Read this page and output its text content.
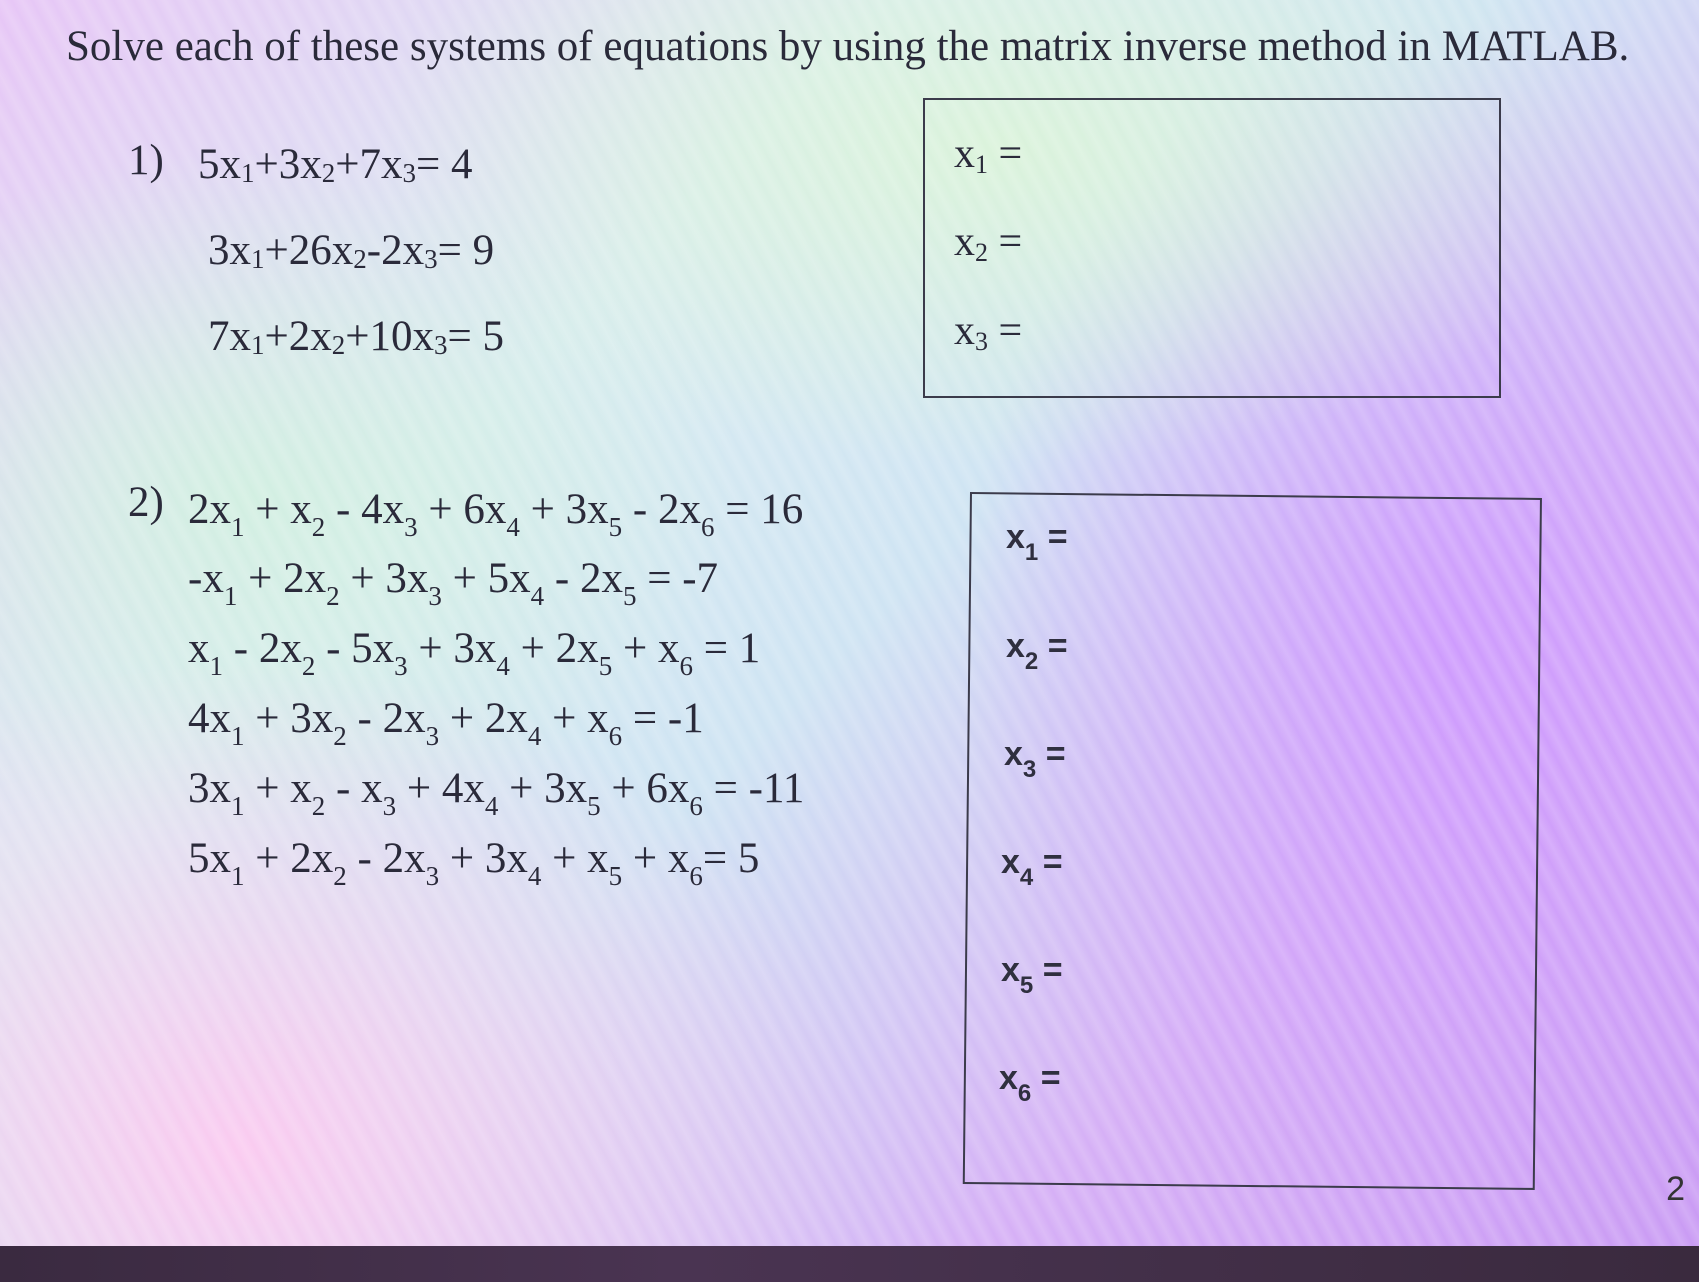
Solve each of these systems of equations by using the matrix inverse method in MATLAB.
1) $5x_1+3x_2+7x_3= 4$
$3x_1+26x_2-2x_3= 9$
$7x_1+2x_2+10x_3= 5$
x1 =
x2 =
x3 =
2) $2x_1 + x_2 - 4x_3 + 6x_4 + 3x_5 - 2x_6 = 16$
$-x_1 + 2x_2 + 3x_3 + 5x_4 - 2x_5 = -7$
$x_1 - 2x_2 - 5x_3 + 3x_4 + 2x_5 + x_6 = 1$
$4x_1 + 3x_2 - 2x_3 + 2x_4 + x_6 = -1$
$3x_1 + x_2 - x_3 + 4x_4 + 3x_5 + 6x_6 = -11$
$5x_1 + 2x_2 - 2x_3 + 3x_4 + x_5 + x_6= 5$
$x_1$ =
$x_2$ =
$x_3$ =
$x_4$ =
$x_5$ =
$x_6$ =
2
